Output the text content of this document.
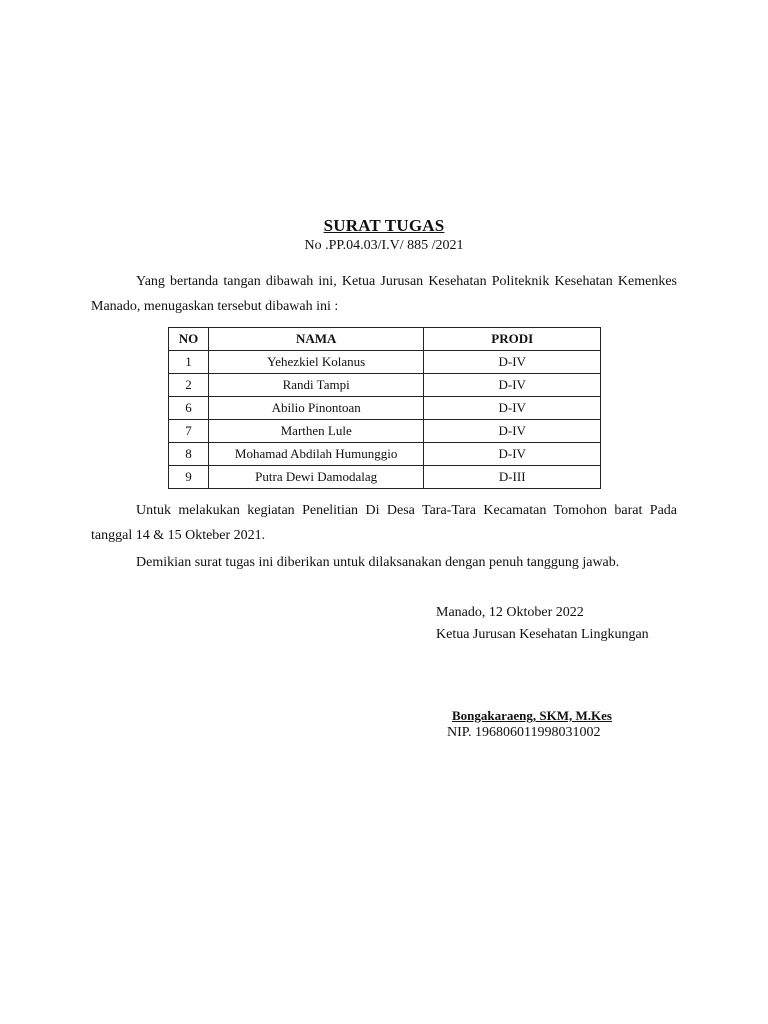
SURAT TUGAS
No .PP.04.03/I.V/ 885 /2021
Yang bertanda tangan dibawah ini, Ketua Jurusan Kesehatan Politeknik Kesehatan Kemenkes Manado, menugaskan tersebut dibawah ini :
NO	NAMA	PRODI
1	Yehezkiel Kolanus	D-IV
2	Randi Tampi	D-IV
6	Abilio Pinontoan	D-IV
7	Marthen Lule	D-IV
8	Mohamad Abdilah Humunggio	D-IV
9	Putra Dewi Damodalag	D-III
Untuk melakukan kegiatan Penelitian Di Desa Tara-Tara Kecamatan Tomohon barat Pada tanggal 14 & 15 Okteber 2021.
Demikian surat tugas ini diberikan untuk dilaksanakan dengan penuh tanggung jawab.
Manado, 12 Oktober 2022
Ketua Jurusan Kesehatan Lingkungan
Bongakaraeng, SKM, M.Kes
NIP. 196806011998031002
